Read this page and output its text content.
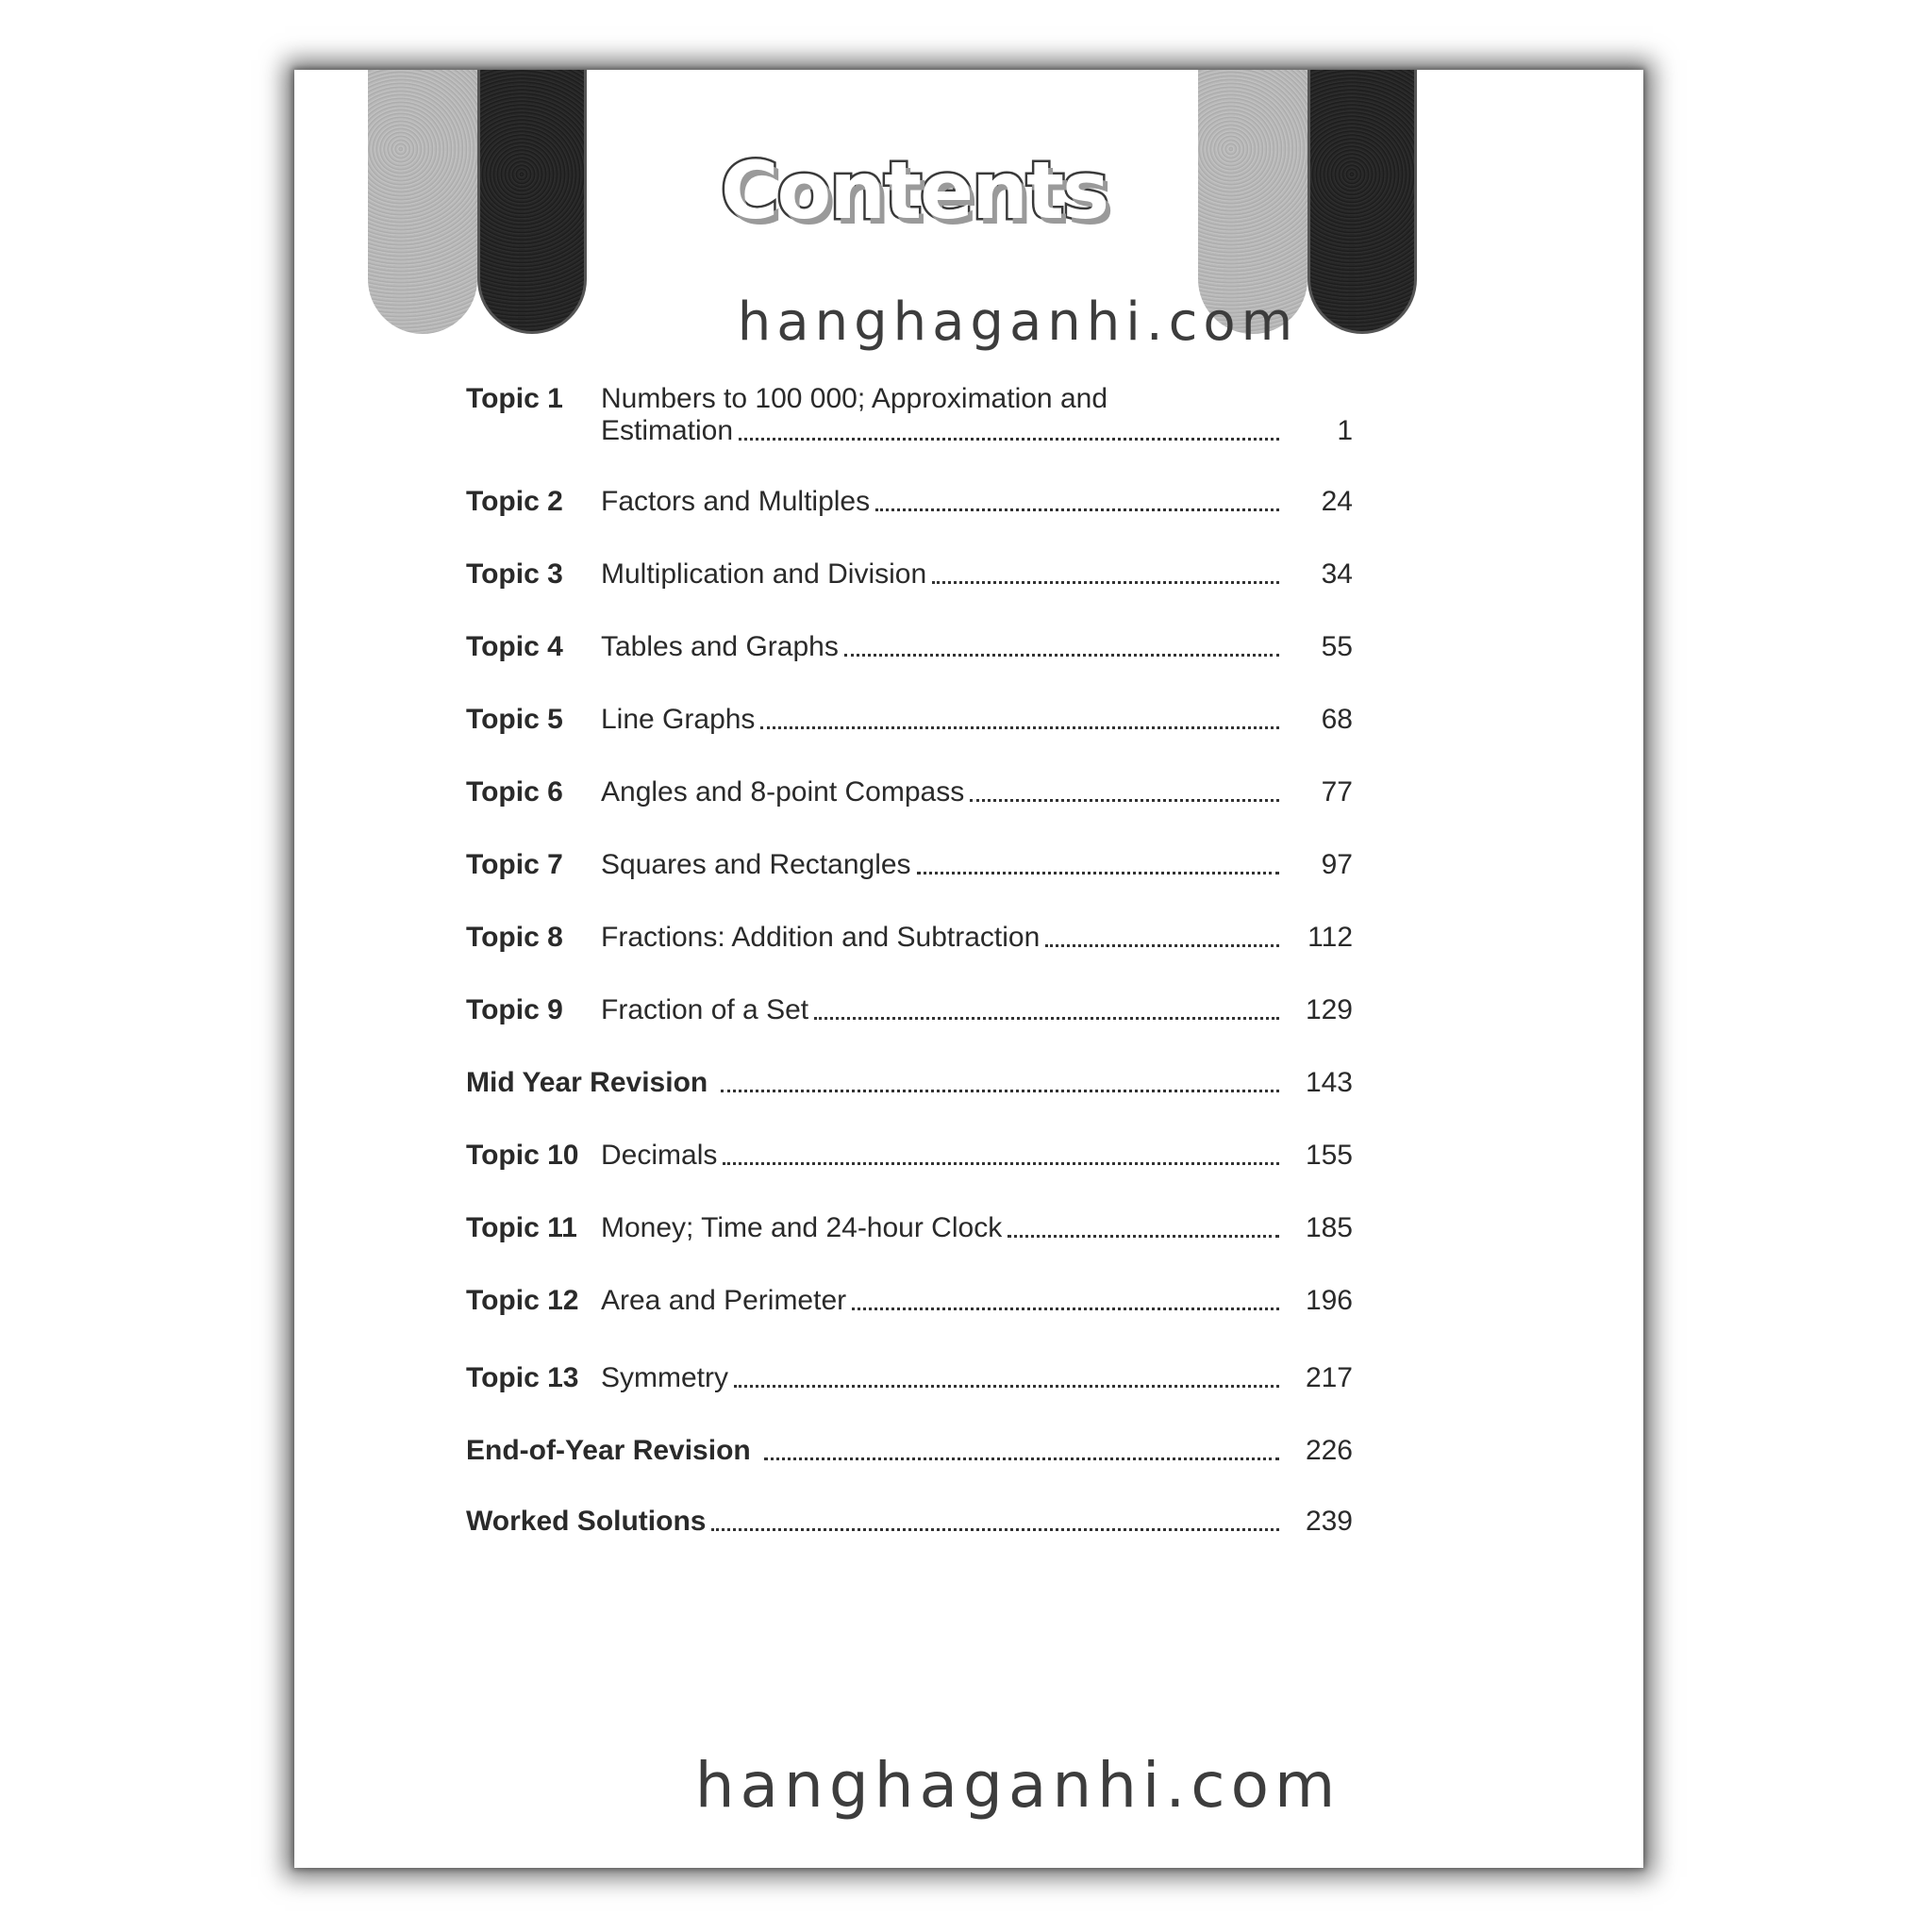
Contents
hanghaganhi.com
Topic 1	Numbers to 100 000; Approximation and
Estimation	1
Topic 2	Factors and Multiples	24
Topic 3	Multiplication and Division	34
Topic 4	Tables and Graphs	55
Topic 5	Line Graphs	68
Topic 6	Angles and 8-point Compass	77
Topic 7	Squares and Rectangles	97
Topic 8	Fractions: Addition and Subtraction	112
Topic 9	Fraction of a Set	129
Mid Year Revision	143
Topic 10 Decimals	155
Topic 11 Money; Time and 24-hour Clock	185
Topic 12 Area and Perimeter	196
Topic 13 Symmetry	217
End-of-Year Revision	226
Worked Solutions	239
hanghaganhi.com
